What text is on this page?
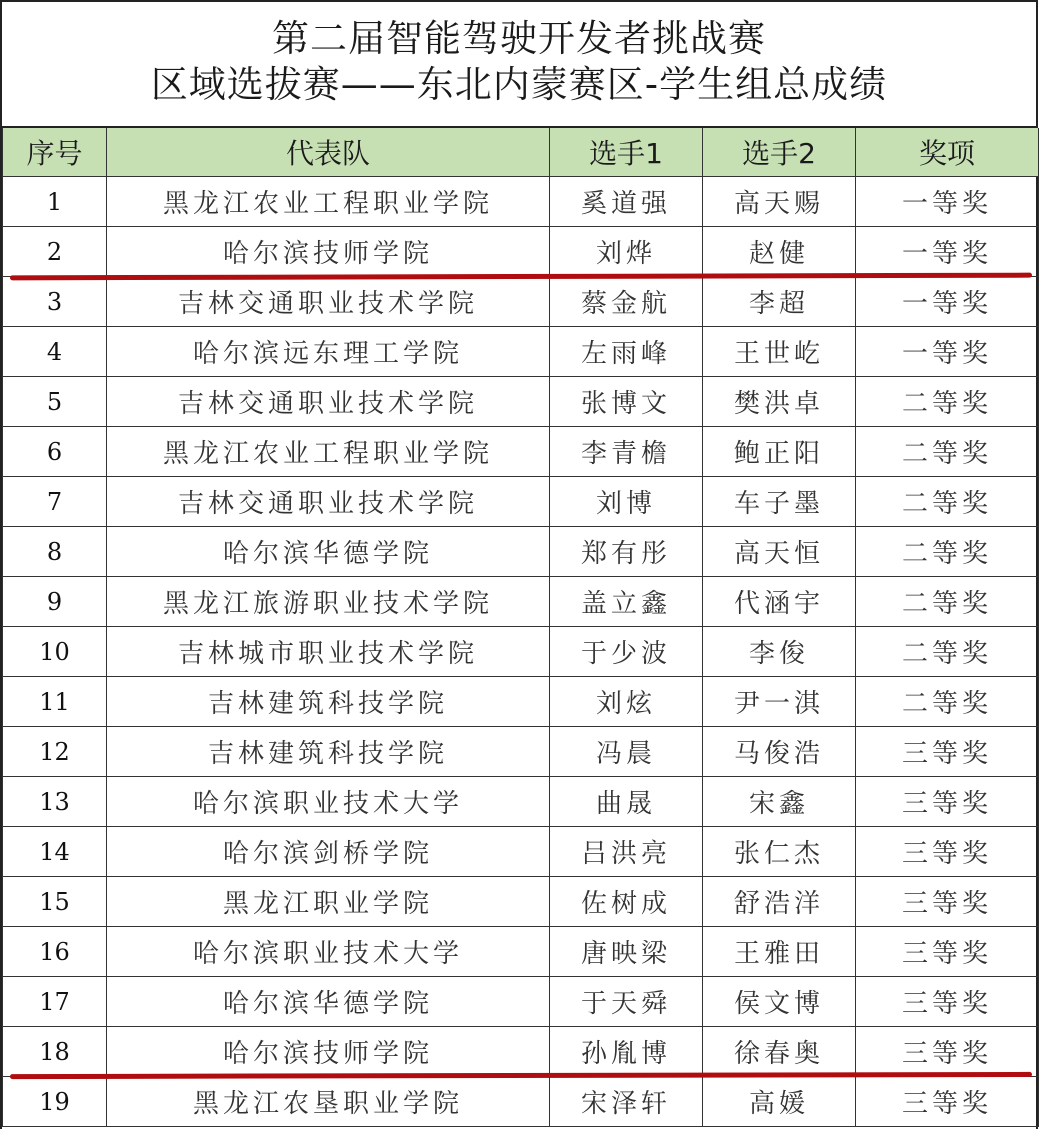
第二届智能驾驶开发者挑战赛
区域选拔赛——东北内蒙赛区-学生组总成绩
序号	代表队	选手1	选手2	奖项
1	黑龙江农业工程职业学院	奚道强	高天赐	一等奖
2	哈尔滨技师学院	刘烨	赵健	一等奖
3	吉林交通职业技术学院	蔡金航	李超	一等奖
4	哈尔滨远东理工学院	左雨峰	王世屹	一等奖
5	吉林交通职业技术学院	张博文	樊洪卓	二等奖
6	黑龙江农业工程职业学院	李青檐	鲍正阳	二等奖
7	吉林交通职业技术学院	刘博	车子墨	二等奖
8	哈尔滨华德学院	郑有彤	高天恒	二等奖
9	黑龙江旅游职业技术学院	盖立鑫	代涵宇	二等奖
10	吉林城市职业技术学院	于少波	李俊	二等奖
11	吉林建筑科技学院	刘炫	尹一淇	二等奖
12	吉林建筑科技学院	冯晨	马俊浩	三等奖
13	哈尔滨职业技术大学	曲晟	宋鑫	三等奖
14	哈尔滨剑桥学院	吕洪亮	张仁杰	三等奖
15	黑龙江职业学院	佐树成	舒浩洋	三等奖
16	哈尔滨职业技术大学	唐映梁	王雅田	三等奖
17	哈尔滨华德学院	于天舜	侯文博	三等奖
18	哈尔滨技师学院	孙胤博	徐春奥	三等奖
19	黑龙江农垦职业学院	宋泽轩	高媛	三等奖
